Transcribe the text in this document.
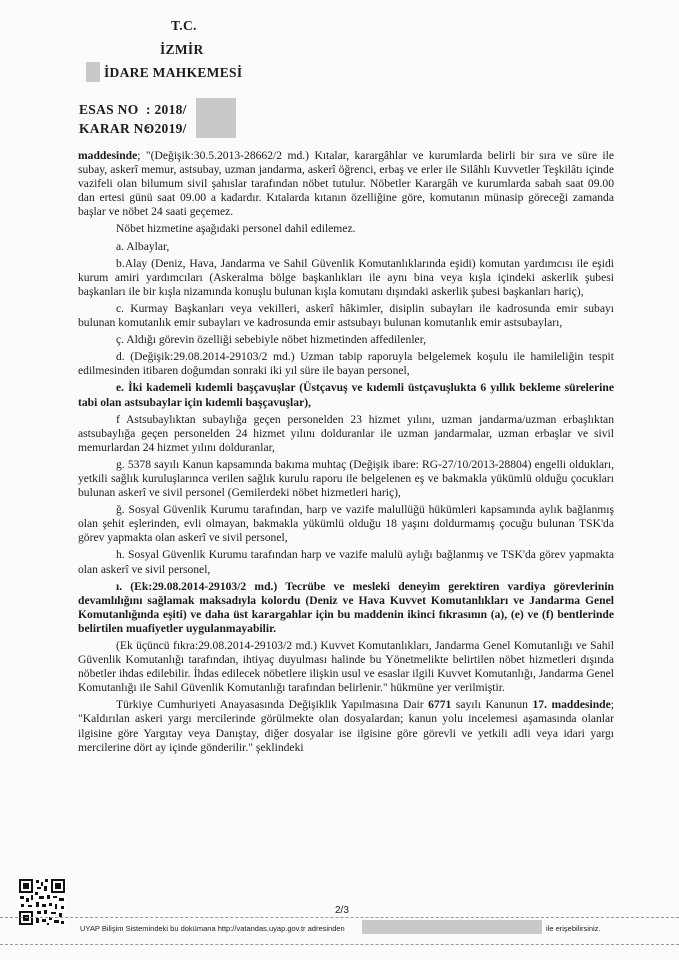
T.C.
İZMİR
İDARE MAHKEMESİ
ESAS NO : 2018/
KARAR NO
: 2019/

maddesinde; "(Değişik:30.5.2013-28662/2 md.) Kıtalar, karargâhlar ve kurumlarda belirli bir sıra ve süre ile subay, askerî memur, astsubay, uzman jandarma, askerî öğrenci, erbaş ve erler ile Silâhlı Kuvvetler Teşkilâtı içinde vazifeli olan bilumum sivil şahıslar tarafından nöbet tutulur. Nöbetler Karargâh ve kurumlarda sabah saat 09.00 dan ertesi günü saat 09.00 a kadardır. Kıtalarda kıtanın özelliğine göre, komutanın münasip göreceği zamanda başlar ve nöbet 24 saati geçemez.

Nöbet hizmetine aşağıdaki personel dahil edilemez.

a. Albaylar,

b.Alay (Deniz, Hava, Jandarma ve Sahil Güvenlik Komutanlıklarında eşidi) komutan yardımcısı ile eşidi kurum amiri yardımcıları (Askeralma bölge başkanlıkları ile aynı bina veya kışla içindeki askerlik şubesi başkanları ile bir kışla nizamında konuşlu bulunan kışla komutanı dışındaki askerlik şubesi başkanları hariç),

c. Kurmay Başkanları veya vekilleri, askerî hâkimler, disiplin subayları ile kadrosunda emir subayı bulunan komutanlık emir subayları ve kadrosunda emir astsubayı bulunan komutanlık emir astsubayları,

ç. Aldığı görevin özelliği sebebiyle nöbet hizmetinden affedilenler,

d. (Değişik:29.08.2014-29103/2 md.) Uzman tabip raporuyla belgelemek koşulu ile hamileliğin tespit edilmesinden itibaren doğumdan sonraki iki yıl süre ile bayan personel,

e. İki kademeli kıdemli başçavuşlar (Üstçavuş ve kıdemli üstçavuşlukta 6 yıllık bekleme sürelerine tabi olan astsubaylar için kıdemli başçavuşlar),

f Astsubaylıktan subaylığa geçen personelden 23 hizmet yılını, uzman jandarma/uzman erbaşlıktan astsubaylığa geçen personelden 24 hizmet yılını dolduranlar ile uzman jandarmalar, uzman erbaşlar ve sivil memurlardan 24 hizmet yılını dolduranlar,

g. 5378 sayılı Kanun kapsamında bakıma muhtaç (Değişik ibare: RG-27/10/2013-28804) engelli oldukları, yetkili sağlık kuruluşlarınca verilen sağlık kurulu raporu ile belgelenen eş ve bakmakla yükümlü olduğu çocukları bulunan askerî ve sivil personel (Gemilerdeki nöbet hizmetleri hariç),

ğ. Sosyal Güvenlik Kurumu tarafından, harp ve vazife malullüğü hükümleri kapsamında aylık bağlanmış olan şehit eşlerinden, evli olmayan, bakmakla yükümlü olduğu 18 yaşını doldurmamış çocuğu bulunan TSK'da görev yapmakta olan askerî ve sivil personel,

h. Sosyal Güvenlik Kurumu tarafından harp ve vazife malulü aylığı bağlanmış ve TSK'da görev yapmakta olan askerî ve sivil personel,

ı. (Ek:29.08.2014-29103/2 md.) Tecrübe ve mesleki deneyim gerektiren vardiya görevlerinin devamlılığını sağlamak maksadıyla kolordu (Deniz ve Hava Kuvvet Komutanlıkları ve Jandarma Genel Komutanlığında eşiti) ve daha üst karargahlar için bu maddenin ikinci fıkrasının (a), (e) ve (f) bentlerinde belirtilen muafiyetler uygulanmayabilir.

(Ek üçüncü fıkra:29.08.2014-29103/2 md.) Kuvvet Komutanlıkları, Jandarma Genel Komutanlığı ve Sahil Güvenlik Komutanlığı tarafından, ihtiyaç duyulması halinde bu Yönetmelikte belirtilen nöbet hizmetleri dışında nöbetler ihdas edilebilir. İhdas edilecek nöbetlere ilişkin usul ve esaslar ilgili Kuvvet Komutanlığı, Jandarma Genel Komutanlığı ile Sahil Güvenlik Komutanlığı tarafından belirlenir." hükmüne yer verilmiştir.

Türkiye Cumhuriyeti Anayasasında Değişiklik Yapılmasına Dair 6771 sayılı Kanunun 17. maddesinde; "Kaldırılan askeri yargı mercilerinde görülmekte olan dosyalardan; kanun yolu incelemesi aşamasında olanlar ilgisine göre Yargıtay veya Danıştay, diğer dosyalar ise ilgisine göre görevli ve yetkili adli veya idari yargı mercilerine dört ay içinde gönderilir." şeklindeki

2/3
UYAP Bilişim Sistemindeki bu dokümana http://vatandas.uyap.gov.tr adresinden	ile erişebilirsiniz.
